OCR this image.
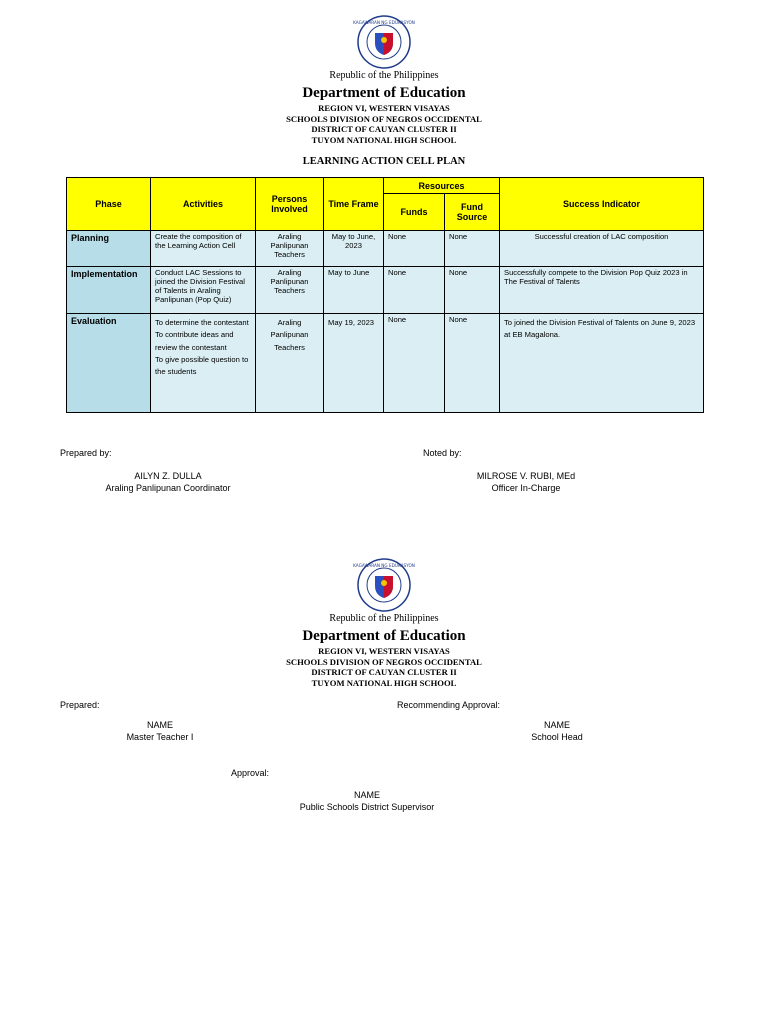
KAGAWARAN NG EDUKASYON
Republic of the Philippines
Department of Education
REGION VI, WESTERN VISAYAS
SCHOOLS DIVISION OF NEGROS OCCIDENTAL
DISTRICT OF CAUYAN CLUSTER II
TUYOM NATIONAL HIGH SCHOOL
LEARNING ACTION CELL PLAN
Phase	Activities	Persons Involved	Time Frame	Resources		Success Indicator
				Funds	Fund Source	
Planning	Create the composition of the Learning Action Cell	Araling Panlipunan Teachers	May to June, 2023	None	None	Successful creation of LAC composition
Implementation	Conduct LAC Sessions to joined the Division Festival of Talents in Araling Panlipunan (Pop Quiz)	Araling Panlipunan Teachers	May to June	None	None	Successfully compete to the Division Pop Quiz 2023 in The Festival of Talents
Evaluation	To determine the contestant
To contribute ideas and review the contestant
To give possible question to the students	Araling Panlipunan Teachers	May 19, 2023	None	None	To joined the Division Festival of Talents on June 9, 2023 at EB Magalona.
Prepared by:	Noted by:
AILYN Z. DULLA
Araling Panlipunan Coordinator
MILROSE V. RUBI, MEd
Officer In-Charge
KAGAWARAN NG EDUKASYON
Republic of the Philippines
Department of Education
REGION VI, WESTERN VISAYAS
SCHOOLS DIVISION OF NEGROS OCCIDENTAL
DISTRICT OF CAUYAN CLUSTER II
TUYOM NATIONAL HIGH SCHOOL
Prepared:	Recommending Approval:
NAME
Master Teacher I
NAME
School Head
Approval:
NAME
Public Schools District Supervisor
